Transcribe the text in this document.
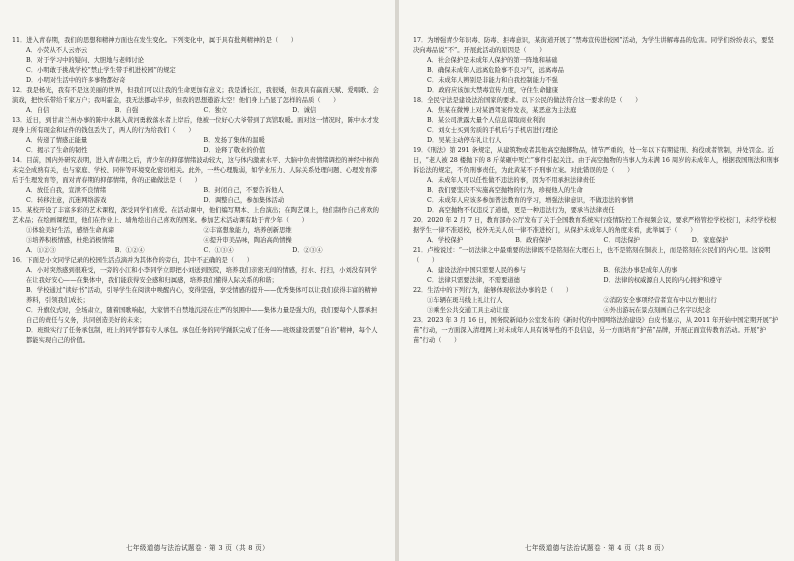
11．进入青春期，我们的思想和精神方面也在发生变化。下列变化中，属于具有批判精神的是（　　）
A．小荧从不人云亦云
B．对于学习中的疑问、大胆地与老师讨论
C．小明敢于挑战学校“禁止学生带手机进校园”的规定
D．小明对生活中的许多事物都好奇
12．我是杨光，我有不是这美丽的世界，但我们可以让我的生命更加有意义；我是潘长江，我很矮，但我具有赢面天赋、爱唱歌、会演戏，把快乐带给千家万户；我叫霍金，我无法挪动半步，但我的思想遨游太空！他们身上凸显了怎样的品质（　　）
A．自信	B．自强	C．独立	D．诚信
13．近日，到甘肃兰州办事的陈中水跳入黄河勇救落水者上岸后，他被一位好心大爷带到了宾馆取暖。面对这一情况时，陈中水才发现身上所有现金和证件的钱包丢失了，两人的行为给我们（　　）
A．传递了情感正能量	B．发扬了集体的温暖
C．揭示了生命的韧性	D．诠释了敬业的价值
14．目前，国内外研究表明，进入青春期之后，青少年的抑郁情绪波动较大，这与体内激素水平、大脑中负责情绪调控的神经中枢尚未完全成熟有关，也与家庭、学校、同伴等环境变化密切相关。此外，一些心理脆弱，如学业压力、人际关系处理问题、心理发育滞后于生理发育等，面对青春期的抑郁情绪，你的正确做法是（　　）
A．放任自我，宣泄不良情绪	B．封闭自己，不要告诉他人
C．转移注意，沉迷网络游戏	D．调整自己，参加集体活动
15．某校开设了丰富多彩的艺术课程，深受同学们喜爱。在活动课中，他们编写期本、上台演出；在陶艺课上，他们制作自己喜欢的艺术品；在绘画课程里，他们在作业上、墙角绘出自己喜欢的图案。参加艺术活动课有助于青少年（　　）
①体验美好生活，感悟生命真谛	②丰富想象能力，培养创新思维
③培养积极情感，杜绝消极情绪	④提升审美品味，陶冶高尚情操
A．①②③	B．①②④	C．①③④	D．②③④
16．下面是小文同学记录的校园生活点滴并为其体作的旁白，其中不正确的是（　　）
A．小对突然感到很难受，一旁的小江和小李同学立即把小刘送到医院，培养我们亲密无间的情感，打水、打扫，小刘没有同学在让我好安心——在集体中，我们能获得安全感和归属感，培养我们懂得人际关系的和谐；
B．学校通过“读好书”活动，引导学生在阅读中唤醒内心，变得坚强，享受情感的提升——优秀集体可以让我们获得丰富的精神养料，引领我们成长；
C．升旗仪式时，全场肃立，随着国歌响起，大家情不自禁地沉浸在庄严的氛围中——集体力量是强大的，我们要每个人都承担自己的责任与义务，共同创造美好的未来；
D．班级实行了任务承包制，班上的同学都有专人承包。承包任务的同学踊跃完成了任务——班级建设需要“自治”精神，每个人都能实现自己的价值。
七年级道德与法治试题卷 · 第 3 页（共 8 页）
17．为增强青少年识毒、防毒、拒毒意识，某街道开展了“禁毒宣传进校园”活动，为学生讲解毒品的危害。同学们纷纷表示，要坚决向毒品说“不”。开展此活动的原因是（　　）
A．社会保护是未成年人保护的第一阵地和基础
B．确保未成年人远离危险事不良习气，远离毒品
C．未成年人辨别是非能力和自我控制能力不强
D．政府应该加大禁毒宣传力度，守住生命健康
18．全民守法是建设法治国家的要求。以下公民的做法符合这一要求的是（　　）
A．焦某在微博上对某酒驾案件发表，某恶意为主法庭
B．某公司泄露大量个人信息谋取商业利润
C．刘女士买到劣质的手机后与手机店进行理论
D．吴某主动停车礼让行人
19．《刑法》第 291 条规定，从建筑物或者其他高空抛掷物品，情节严重的，处一年以下有期徒刑、拘役或者管制，并处罚金。近日，“老人被 28 楼抛下的 8 斤菜砸中死亡”事件引起关注。由于高空抛物的当事人为未满 16 周岁的未成年人，根据我国刑法和刑事诉讼法的规定，不负刑事责任，为此黄某不予刑事立案。对此错误的是（　　）
A．未成年人可以任性做不违法的事，因为不用承担法律责任
B．我们要坚决不实施高空抛物的行为，珍视他人的生命
C．未成年人应该多参加普法教育的学习，增强法律意识，不做违法的事情
D．高空抛物不仅违反了道德，更是一种违法行为，要承当法律责任
20．2020 年 2 月 7 日，教育部办公厅发布了关于全国教育系统实行疫情防控工作视频会议，要求严格管控学校校门，未经学校根据学生一律不准返校，校外无关人员一律不准进校门，从保护未成年人的角度来看，此举属于（　　）
A．学校保护	B．政府保护	C．司法保护	D．家庭保护
21．卢梭说过：“一切法律之中最重要的法律既不是铭刻在大理石上，也不是铭刻在铜表上，而是铭刻在公民们的内心里。这说明（　　）
A．建设法治中国只需要人民的参与	B．依法办事是成年人的事
C．法律只需要法律，不需要道德	D．法律的权威源自人民的内心拥护和遵守
22．生活中的下列行为，能够体现依法办事的是（　　）
①车辆在斑马线上礼让行人	②消防安全事项经营者宣布中以方便出行
③乘坐公共交通工具主动让座	④外出游玩在景点刻画自己名字以纪念
23．2023 年 3 月 16 日，国务院新闻办公室发布的《新时代的中国网络法治建设》白皮书显示，从 2011 年开始中国定期开展“护苗”行动，一方面深入清理网上对未成年人具有诱导性的不良信息，另一方面培育“护苗”品牌，开展正面宣传教育活动。开展“护苗”行动（　　）
七年级道德与法治试题卷 · 第 4 页（共 8 页）
